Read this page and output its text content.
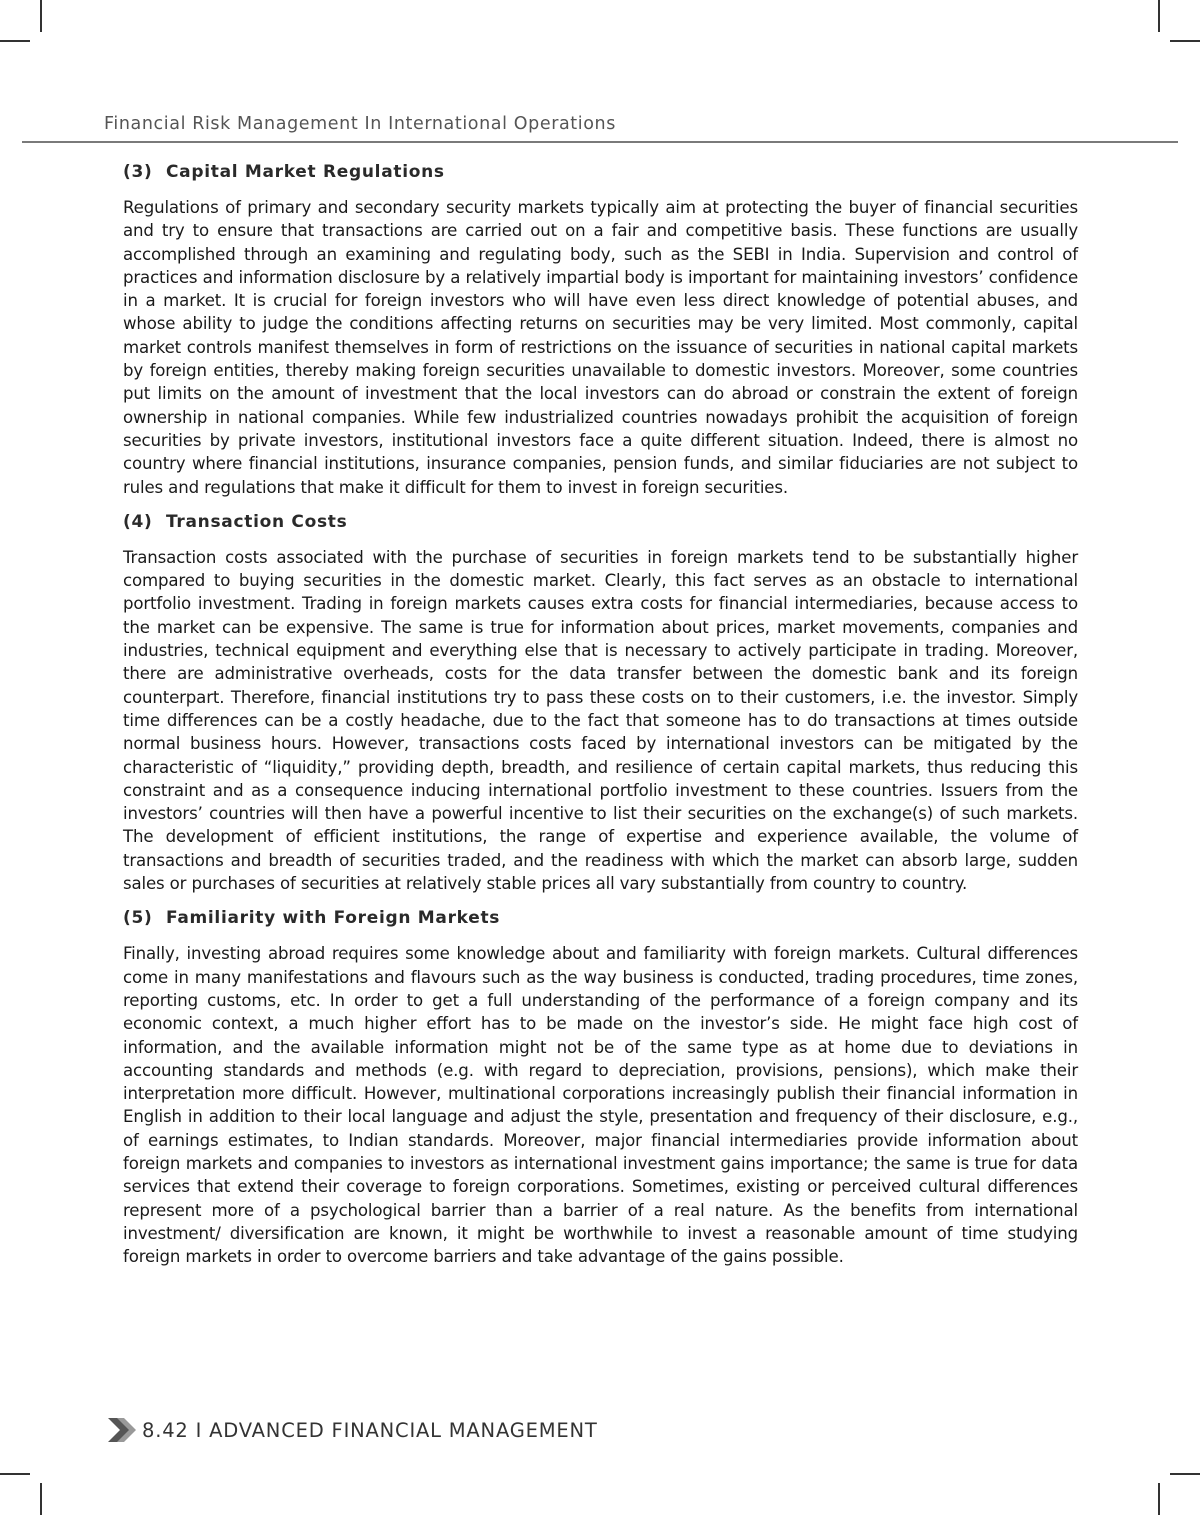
Financial Risk Management In International Operations
(3) Capital Market Regulations

Regulations of primary and secondary security markets typically aim at protecting the buyer of financial securities and try to ensure that transactions are carried out on a fair and competitive basis. These functions are usually accomplished through an examining and regulating body, such as the SEBI in India. Supervision and control of practices and information disclosure by a relatively impartial body is important for maintaining investors’ confidence in a market. It is crucial for foreign investors who will have even less direct knowledge of potential abuses, and whose ability to judge the conditions affecting returns on securities may be very limited. Most commonly, capital market controls manifest themselves in form of restrictions on the issuance of securities in national capital markets by foreign entities, thereby making foreign securities unavailable to domestic investors. Moreover, some countries put limits on the amount of investment that the local investors can do abroad or constrain the extent of foreign ownership in national companies. While few industrialized countries nowadays prohibit the acquisition of foreign securities by private investors, institutional investors face a quite different situation. Indeed, there is almost no country where financial institutions, insurance companies, pension funds, and similar fiduciaries are not subject to rules and regulations that make it difficult for them to invest in foreign securities.

(4) Transaction Costs

Transaction costs associated with the purchase of securities in foreign markets tend to be substantially higher compared to buying securities in the domestic market. Clearly, this fact serves as an obstacle to international portfolio investment. Trading in foreign markets causes extra costs for financial intermediaries, because access to the market can be expensive. The same is true for information about prices, market movements, companies and industries, technical equipment and everything else that is necessary to actively participate in trading. Moreover, there are administrative overheads, costs for the data transfer between the domestic bank and its foreign counterpart. Therefore, financial institutions try to pass these costs on to their customers, i.e. the investor. Simply time differences can be a costly headache, due to the fact that someone has to do transactions at times outside normal business hours. However, transactions costs faced by international investors can be mitigated by the characteristic of “liquidity,” providing depth, breadth, and resilience of certain capital markets, thus reducing this constraint and as a consequence inducing international portfolio investment to these countries. Issuers from the investors’ countries will then have a powerful incentive to list their securities on the exchange(s) of such markets. The development of efficient institutions, the range of expertise and experience available, the volume of transactions and breadth of securities traded, and the readiness with which the market can absorb large, sudden sales or purchases of securities at relatively stable prices all vary substantially from country to country.

(5) Familiarity with Foreign Markets

Finally, investing abroad requires some knowledge about and familiarity with foreign markets. Cultural differences come in many manifestations and flavours such as the way business is conducted, trading procedures, time zones, reporting customs, etc. In order to get a full understanding of the performance of a foreign company and its economic context, a much higher effort has to be made on the investor’s side. He might face high cost of information, and the available information might not be of the same type as at home due to deviations in accounting standards and methods (e.g. with regard to depreciation, provisions, pensions), which make their interpretation more difficult. However, multinational corporations increasingly publish their financial information in English in addition to their local language and adjust the style, presentation and frequency of their disclosure, e.g., of earnings estimates, to Indian standards. Moreover, major financial intermediaries provide information about foreign markets and companies to investors as international investment gains importance; the same is true for data services that extend their coverage to foreign corporations. Sometimes, existing or perceived cultural differences represent more of a psychological barrier than a barrier of a real nature. As the benefits from international investment/ diversification are known, it might be worthwhile to invest a reasonable amount of time studying foreign markets in order to overcome barriers and take advantage of the gains possible.

8.42 I ADVANCED FINANCIAL MANAGEMENT
